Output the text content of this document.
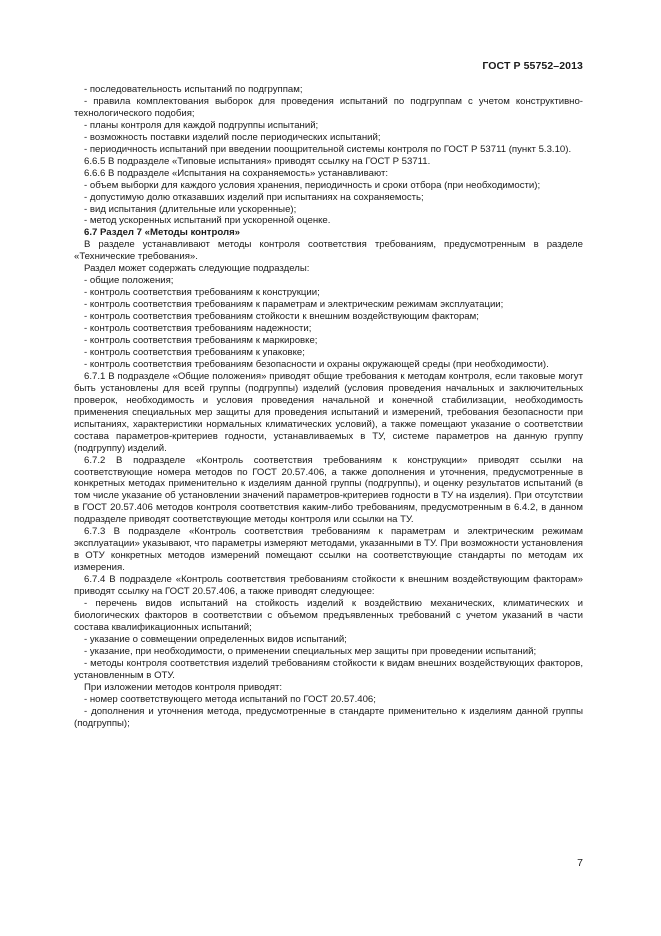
ГОСТ Р 55752–2013

- последовательность испытаний по подгруппам;

- правила комплектования выборок для проведения испытаний по подгруппам с учетом конструктивно-технологического подобия;

- планы контроля для каждой подгруппы испытаний;

- возможность поставки изделий после периодических испытаний;

- периодичность испытаний при введении поощрительной системы контроля по ГОСТ Р 53711 (пункт 5.3.10).

6.6.5 В подразделе «Типовые испытания» приводят ссылку на ГОСТ Р 53711.

6.6.6 В подразделе «Испытания на сохраняемость» устанавливают:

- объем выборки для каждого условия хранения, периодичность и сроки отбора (при необходимости);

- допустимую долю отказавших изделий при испытаниях на сохраняемость;

- вид испытания (длительные или ускоренные);

- метод ускоренных испытаний при ускоренной оценке.

6.7 Раздел 7 «Методы контроля»

В разделе устанавливают методы контроля соответствия требованиям, предусмотренным в разделе «Технические требования».

Раздел может содержать следующие подразделы:

- общие положения;

- контроль соответствия требованиям к конструкции;

- контроль соответствия требованиям к параметрам и электрическим режимам эксплуатации;

- контроль соответствия требованиям стойкости к внешним воздействующим факторам;

- контроль соответствия требованиям надежности;

- контроль соответствия требованиям к маркировке;

- контроль соответствия требованиям к упаковке;

- контроль соответствия требованиям безопасности и охраны окружающей среды (при необходимости).

6.7.1 В подразделе «Общие положения» приводят общие требования к методам контроля, если таковые могут быть установлены для всей группы (подгруппы) изделий (условия проведения начальных и заключительных проверок, необходимость и условия проведения начальной и конечной стабилизации, необходимость применения специальных мер защиты для проведения испытаний и измерений, требования безопасности при испытаниях, характеристики нормальных климатических условий), а также помещают указание о соответствии состава параметров-критериев годности, устанавливаемых в ТУ, системе параметров на данную группу (подгруппу) изделий.

6.7.2 В подразделе «Контроль соответствия требованиям к конструкции» приводят ссылки на соответствующие номера методов по ГОСТ 20.57.406, а также дополнения и уточнения, предусмотренные в конкретных методах применительно к изделиям данной группы (подгруппы), и оценку результатов испытаний (в том числе указание об установлении значений параметров-критериев годности в ТУ на изделия). При отсутствии в ГОСТ 20.57.406 методов контроля соответствия каким-либо требованиям, предусмотренным в 6.4.2, в данном подразделе приводят соответствующие методы контроля или ссылки на ТУ.

6.7.3 В подразделе «Контроль соответствия требованиям к параметрам и электрическим режимам эксплуатации» указывают, что параметры измеряют методами, указанными в ТУ. При возможности установления в ОТУ конкретных методов измерений помещают ссылки на соответствующие стандарты по методам их измерения.

6.7.4 В подразделе «Контроль соответствия требованиям стойкости к внешним воздействующим факторам» приводят ссылку на ГОСТ 20.57.406, а также приводят следующее:

- перечень видов испытаний на стойкость изделий к воздействию механических, климатических и биологических факторов в соответствии с объемом предъявленных требований с учетом указаний в части состава квалификационных испытаний;

- указание о совмещении определенных видов испытаний;

- указание, при необходимости, о применении специальных мер защиты при проведении испытаний;

- методы контроля соответствия изделий требованиям стойкости к видам внешних воздействующих факторов, установленным в ОТУ.

При изложении методов контроля приводят:

- номер соответствующего метода испытаний по ГОСТ 20.57.406;

- дополнения и уточнения метода, предусмотренные в стандарте применительно к изделиям данной группы (подгруппы);

7
